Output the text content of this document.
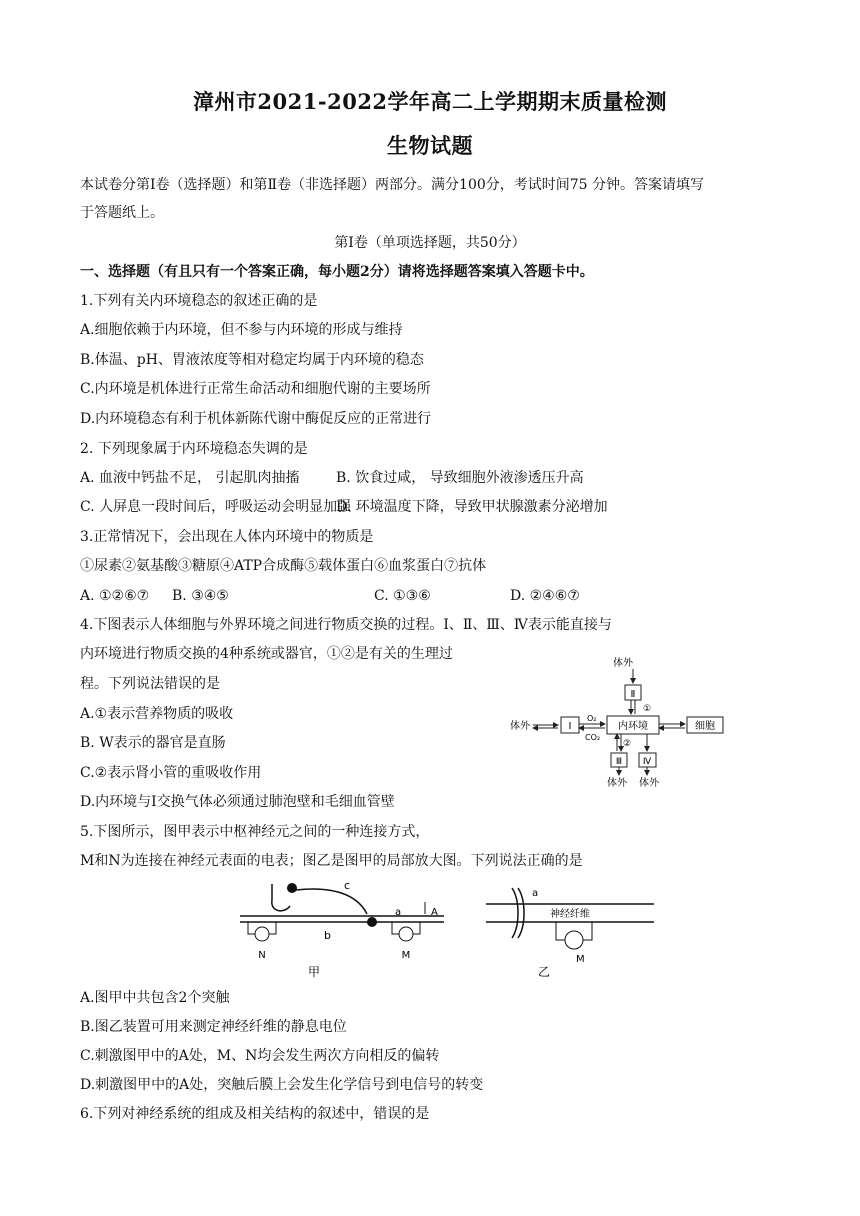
漳州市2021-2022学年高二上学期期末质量检测
生物试题
本试卷分第Ⅰ卷（选择题）和第Ⅱ卷（非选择题）两部分。满分100分，考试时间75 分钟。答案请填写
于答题纸上。
第Ⅰ卷（单项选择题，共50分）
一、选择题（有且只有一个答案正确，每小题2分）请将选择题答案填入答题卡中。
1.下列有关内环境稳态的叙述正确的是
A.细胞依赖于内环境，但不参与内环境的形成与维持
B.体温、pH、胃液浓度等相对稳定均属于内环境的稳态
C.内环境是机体进行正常生命活动和细胞代谢的主要场所
D.内环境稳态有利于机体新陈代谢中酶促反应的正常进行
2. 下列现象属于内环境稳态失调的是
A. 血液中钙盐不足， 引起肌肉抽搐	B. 饮食过咸， 导致细胞外液渗透压升高
C. 人屏息一段时间后，呼吸运动会明显加强D. 环境温度下降，导致甲状腺激素分泌增加
3.正常情况下，会出现在人体内环境中的物质是
①尿素②氨基酸③糖原④ATP合成酶⑤载体蛋白⑥血浆蛋白⑦抗体
A. ①②⑥⑦ B. ③④⑤	C. ①③⑥	D. ②④⑥⑦
4.下图表示人体细胞与外界环境之间进行物质交换的过程。Ⅰ、Ⅱ、Ⅲ、Ⅳ表示能直接与
内环境进行物质交换的4种系统或器官，①②是有关的生理过
程。下列说法错误的是
A.①表示营养物质的吸收
B. W表示的器官是直肠
C.②表示肾小管的重吸收作用
D.内环境与Ⅰ交换气体必须通过肺泡壁和毛细血管壁
体外
Ⅱ
①
体外	Ⅰ
O₂
CO₂
内环境	细胞
②
Ⅲ Ⅳ
体外 体外
5.下图所示，图甲表示中枢神经元之间的一种连接方式，
M和N为连接在神经元表面的电表；图乙是图甲的局部放大图。下列说法正确的是
c
a	A
b
N	M
甲
a
神经纤维
M
乙
A.图甲中共包含2个突触
B.图乙装置可用来测定神经纤维的静息电位
C.刺激图甲中的A处，M、N均会发生两次方向相反的偏转
D.刺激图甲中的A处，突触后膜上会发生化学信号到电信号的转变
6.下列对神经系统的组成及相关结构的叙述中，错误的是
